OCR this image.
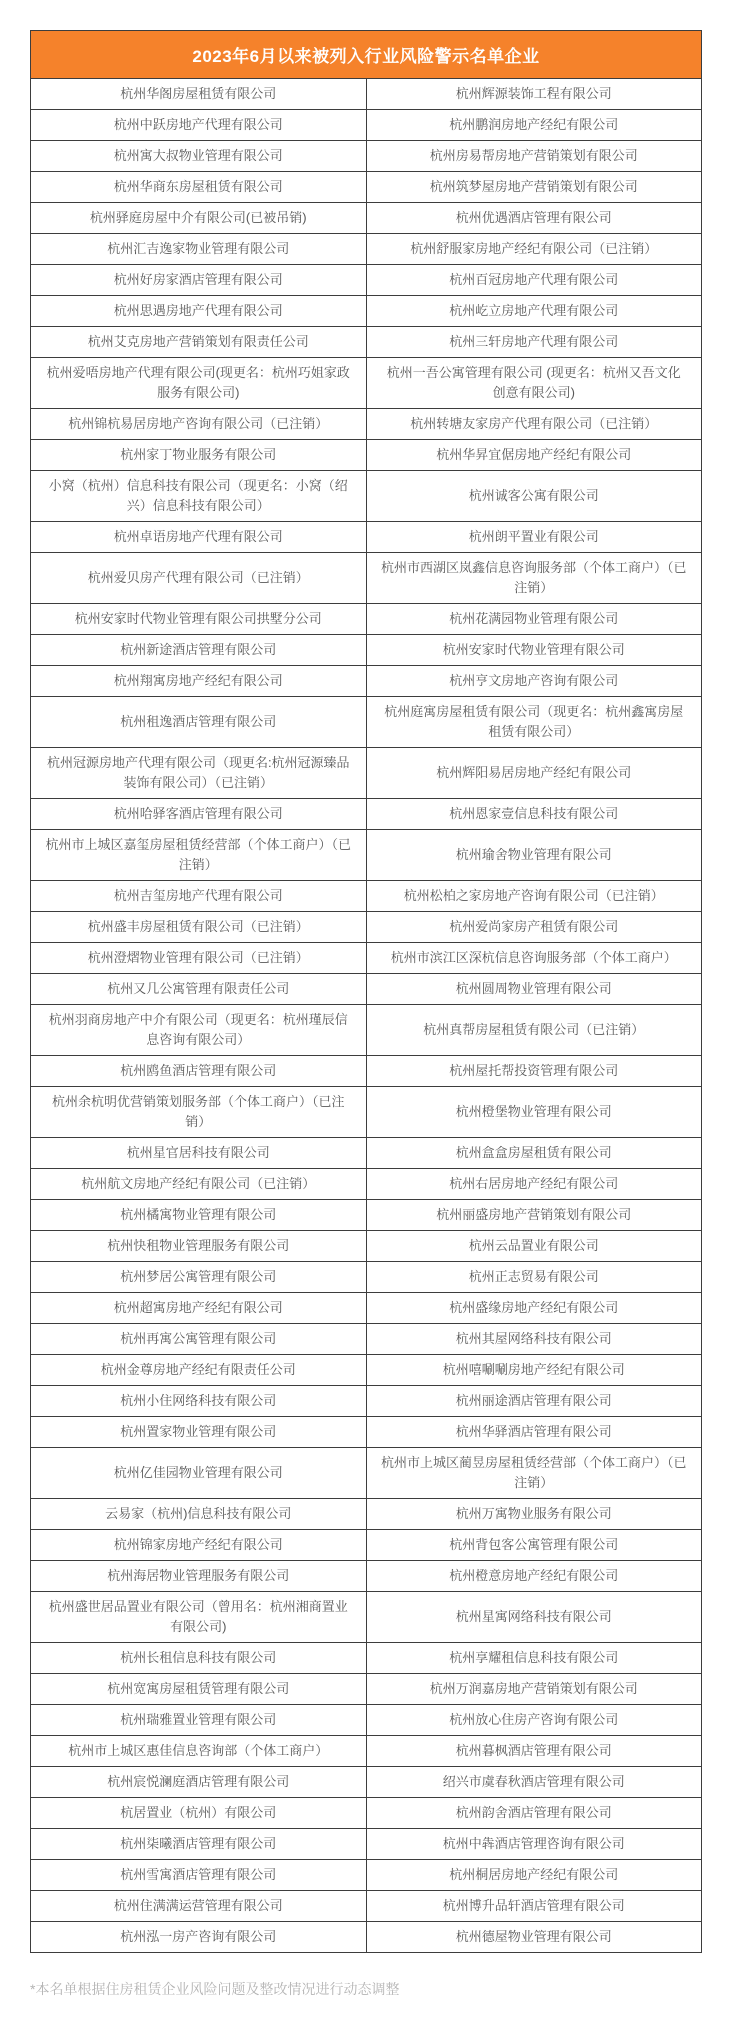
2023年6月以来被列入行业风险警示名单企业	
杭州华阁房屋租赁有限公司	杭州辉源装饰工程有限公司
杭州中跃房地产代理有限公司	杭州鹏润房地产经纪有限公司
杭州寓大叔物业管理有限公司	杭州房易帮房地产营销策划有限公司
杭州华商东房屋租赁有限公司	杭州筑梦屋房地产营销策划有限公司
杭州驿庭房屋中介有限公司(已被吊销)	杭州优遇酒店管理有限公司
杭州汇吉逸家物业管理有限公司	杭州舒服家房地产经纪有限公司（已注销）
杭州好房家酒店管理有限公司	杭州百冠房地产代理有限公司
杭州思遇房地产代理有限公司	杭州屹立房地产代理有限公司
杭州艾克房地产营销策划有限责任公司	杭州三轩房地产代理有限公司
杭州爱唔房地产代理有限公司(现更名：杭州巧姐家政服务有限公司)	杭州一吾公寓管理有限公司 (现更名：杭州又吾文化创意有限公司)
杭州锦杭易居房地产咨询有限公司（已注销）	杭州转塘友家房产代理有限公司（已注销）
杭州家丁物业服务有限公司	杭州华昇宜倨房地产经纪有限公司
小窝（杭州）信息科技有限公司（现更名：小窝（绍兴）信息科技有限公司）	杭州诚客公寓有限公司
杭州卓语房地产代理有限公司	杭州朗平置业有限公司
杭州爱贝房产代理有限公司（已注销）	杭州市西湖区岚鑫信息咨询服务部（个体工商户）（已注销）
杭州安家时代物业管理有限公司拱墅分公司	杭州花满园物业管理有限公司
杭州新途酒店管理有限公司	杭州安家时代物业管理有限公司
杭州翔寓房地产经纪有限公司	杭州亨文房地产咨询有限公司
杭州租逸酒店管理有限公司	杭州庭寓房屋租赁有限公司（现更名：杭州鑫寓房屋租赁有限公司）
杭州冠源房地产代理有限公司（现更名:杭州冠源臻品装饰有限公司）（已注销）	杭州辉阳易居房地产经纪有限公司
杭州哈驿客酒店管理有限公司	杭州恩家壹信息科技有限公司
杭州市上城区嘉玺房屋租赁经营部（个体工商户）（已注销）	杭州瑜舍物业管理有限公司
杭州吉玺房地产代理有限公司	杭州松柏之家房地产咨询有限公司（已注销）
杭州盛丰房屋租赁有限公司（已注销）	杭州爱尚家房产租赁有限公司
杭州澄熠物业管理有限公司（已注销）	杭州市滨江区深杭信息咨询服务部（个体工商户）
杭州又几公寓管理有限责任公司	杭州圆周物业管理有限公司
杭州羽商房地产中介有限公司（现更名：杭州瑾辰信息咨询有限公司）	杭州真帮房屋租赁有限公司（已注销）
杭州鸥鱼酒店管理有限公司	杭州屋托帮投资管理有限公司
杭州余杭明优营销策划服务部（个体工商户）（已注销）	杭州橙堡物业管理有限公司
杭州星官居科技有限公司	杭州盒盒房屋租赁有限公司
杭州航文房地产经纪有限公司（已注销）	杭州右居房地产经纪有限公司
杭州橘寓物业管理有限公司	杭州丽盛房地产营销策划有限公司
杭州快租物业管理服务有限公司	杭州云品置业有限公司
杭州梦居公寓管理有限公司	杭州正志贸易有限公司
杭州超寓房地产经纪有限公司	杭州盛缘房地产经纪有限公司
杭州再寓公寓管理有限公司	杭州其屋网络科技有限公司
杭州金尊房地产经纪有限责任公司	杭州嘻唰唰房地产经纪有限公司
杭州小住网络科技有限公司	杭州丽途酒店管理有限公司
杭州置家物业管理有限公司	杭州华驿酒店管理有限公司
杭州亿佳园物业管理有限公司	杭州市上城区蔺昱房屋租赁经营部（个体工商户）（已注销）
云易家（杭州)信息科技有限公司	杭州万寓物业服务有限公司
杭州锦家房地产经纪有限公司	杭州背包客公寓管理有限公司
杭州海居物业管理服务有限公司	杭州橙意房地产经纪有限公司
杭州盛世居品置业有限公司（曾用名：杭州湘商置业有限公司)	杭州星寓网络科技有限公司
杭州长租信息科技有限公司	杭州享耀租信息科技有限公司
杭州宽寓房屋租赁管理有限公司	杭州万润嘉房地产营销策划有限公司
杭州瑞雅置业管理有限公司	杭州放心住房产咨询有限公司
杭州市上城区惠佳信息咨询部（个体工商户）	杭州暮枫酒店管理有限公司
杭州宸悦澜庭酒店管理有限公司	绍兴市虞春秋酒店管理有限公司
杭居置业（杭州）有限公司	杭州韵舍酒店管理有限公司
杭州柒曦酒店管理有限公司	杭州中犇酒店管理咨询有限公司
杭州雪寓酒店管理有限公司	杭州桐居房地产经纪有限公司
杭州住满满运营管理有限公司	杭州博升品轩酒店管理有限公司
杭州泓一房产咨询有限公司	杭州德屋物业管理有限公司

*本名单根据住房租赁企业风险问题及整改情况进行动态调整
